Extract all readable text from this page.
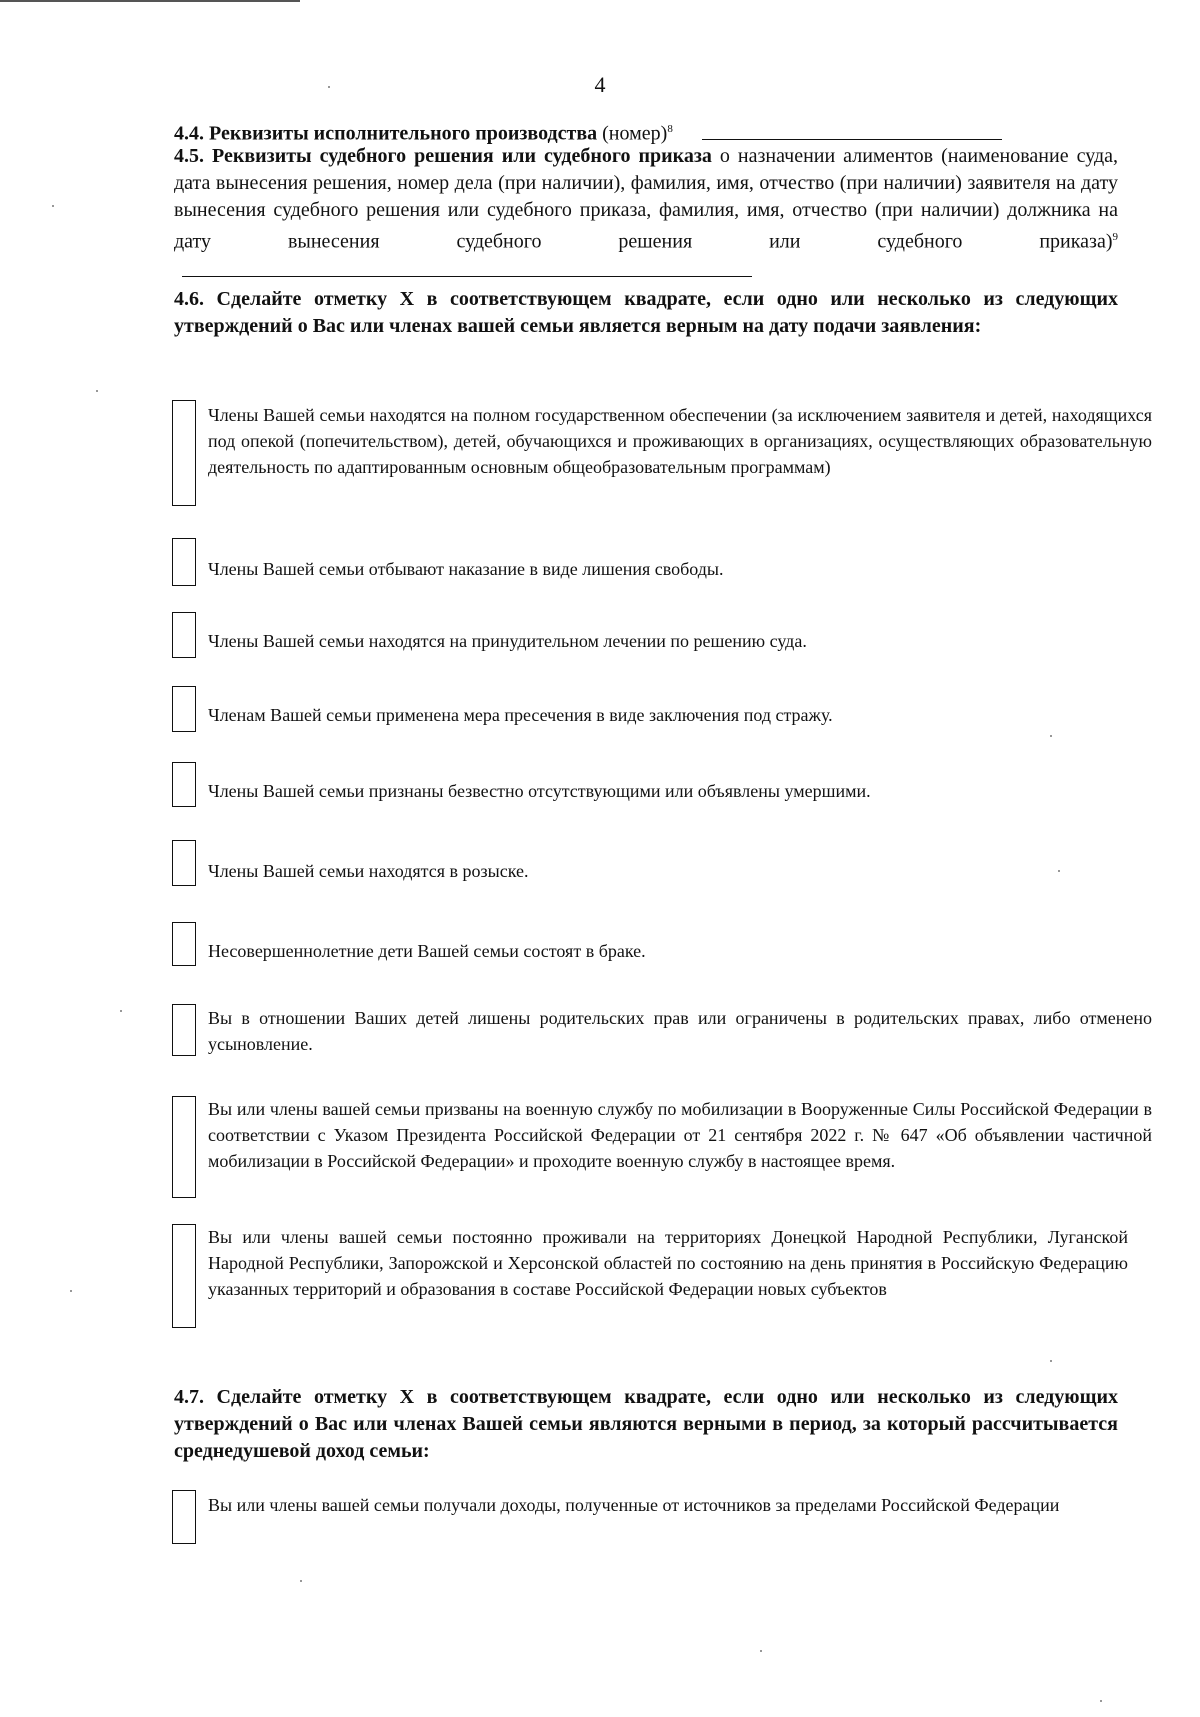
4

4.4. Реквизиты исполнительного производства (номер)$^8$

4.5. Реквизиты судебного решения или судебного приказа о назначении алиментов (наименование суда, дата вынесения решения, номер дела (при наличии), фамилия, имя, отчество (при наличии) заявителя на дату вынесения судебного решения или судебного приказа, фамилия, имя, отчество (при наличии) должника на дату вынесения судебного решения или судебного приказа)$^9$

4.6. Сделайте отметку X в соответствующем квадрате, если одно или несколько из следующих утверждений о Вас или членах вашей семьи является верным на дату подачи заявления:

Члены Вашей семьи находятся на полном государственном обеспечении (за исключением заявителя и детей, находящихся под опекой (попечительством), детей, обучающихся и проживающих в организациях, осуществляющих образовательную деятельность по адаптированным основным общеобразовательным программам)
Члены Вашей семьи отбывают наказание в виде лишения свободы.
Члены Вашей семьи находятся на принудительном лечении по решению суда.
Членам Вашей семьи применена мера пресечения в виде заключения под стражу.
Члены Вашей семьи признаны безвестно отсутствующими или объявлены умершими.
Члены Вашей семьи находятся в розыске.
Несовершеннолетние дети Вашей семьи состоят в браке.
Вы в отношении Ваших детей лишены родительских прав или ограничены в родительских правах, либо отменено усыновление.
Вы или члены вашей семьи призваны на военную службу по мобилизации в Вооруженные Силы Российской Федерации в соответствии с Указом Президента Российской Федерации от 21 сентября 2022 г. № 647 «Об объявлении частичной мобилизации в Российской Федерации» и проходите военную службу в настоящее время.
Вы или члены вашей семьи постоянно проживали на территориях Донецкой Народной Республики, Луганской Народной Республики, Запорожской и Херсонской областей по состоянию на день принятия в Российскую Федерацию указанных территорий и образования в составе Российской Федерации новых субъектов

4.7. Сделайте отметку X в соответствующем квадрате, если одно или несколько из следующих утверждений о Вас или членах Вашей семьи являются верными в период, за который рассчитывается среднедушевой доход семьи:

Вы или члены вашей семьи получали доходы, полученные от источников за пределами Российской Федерации
